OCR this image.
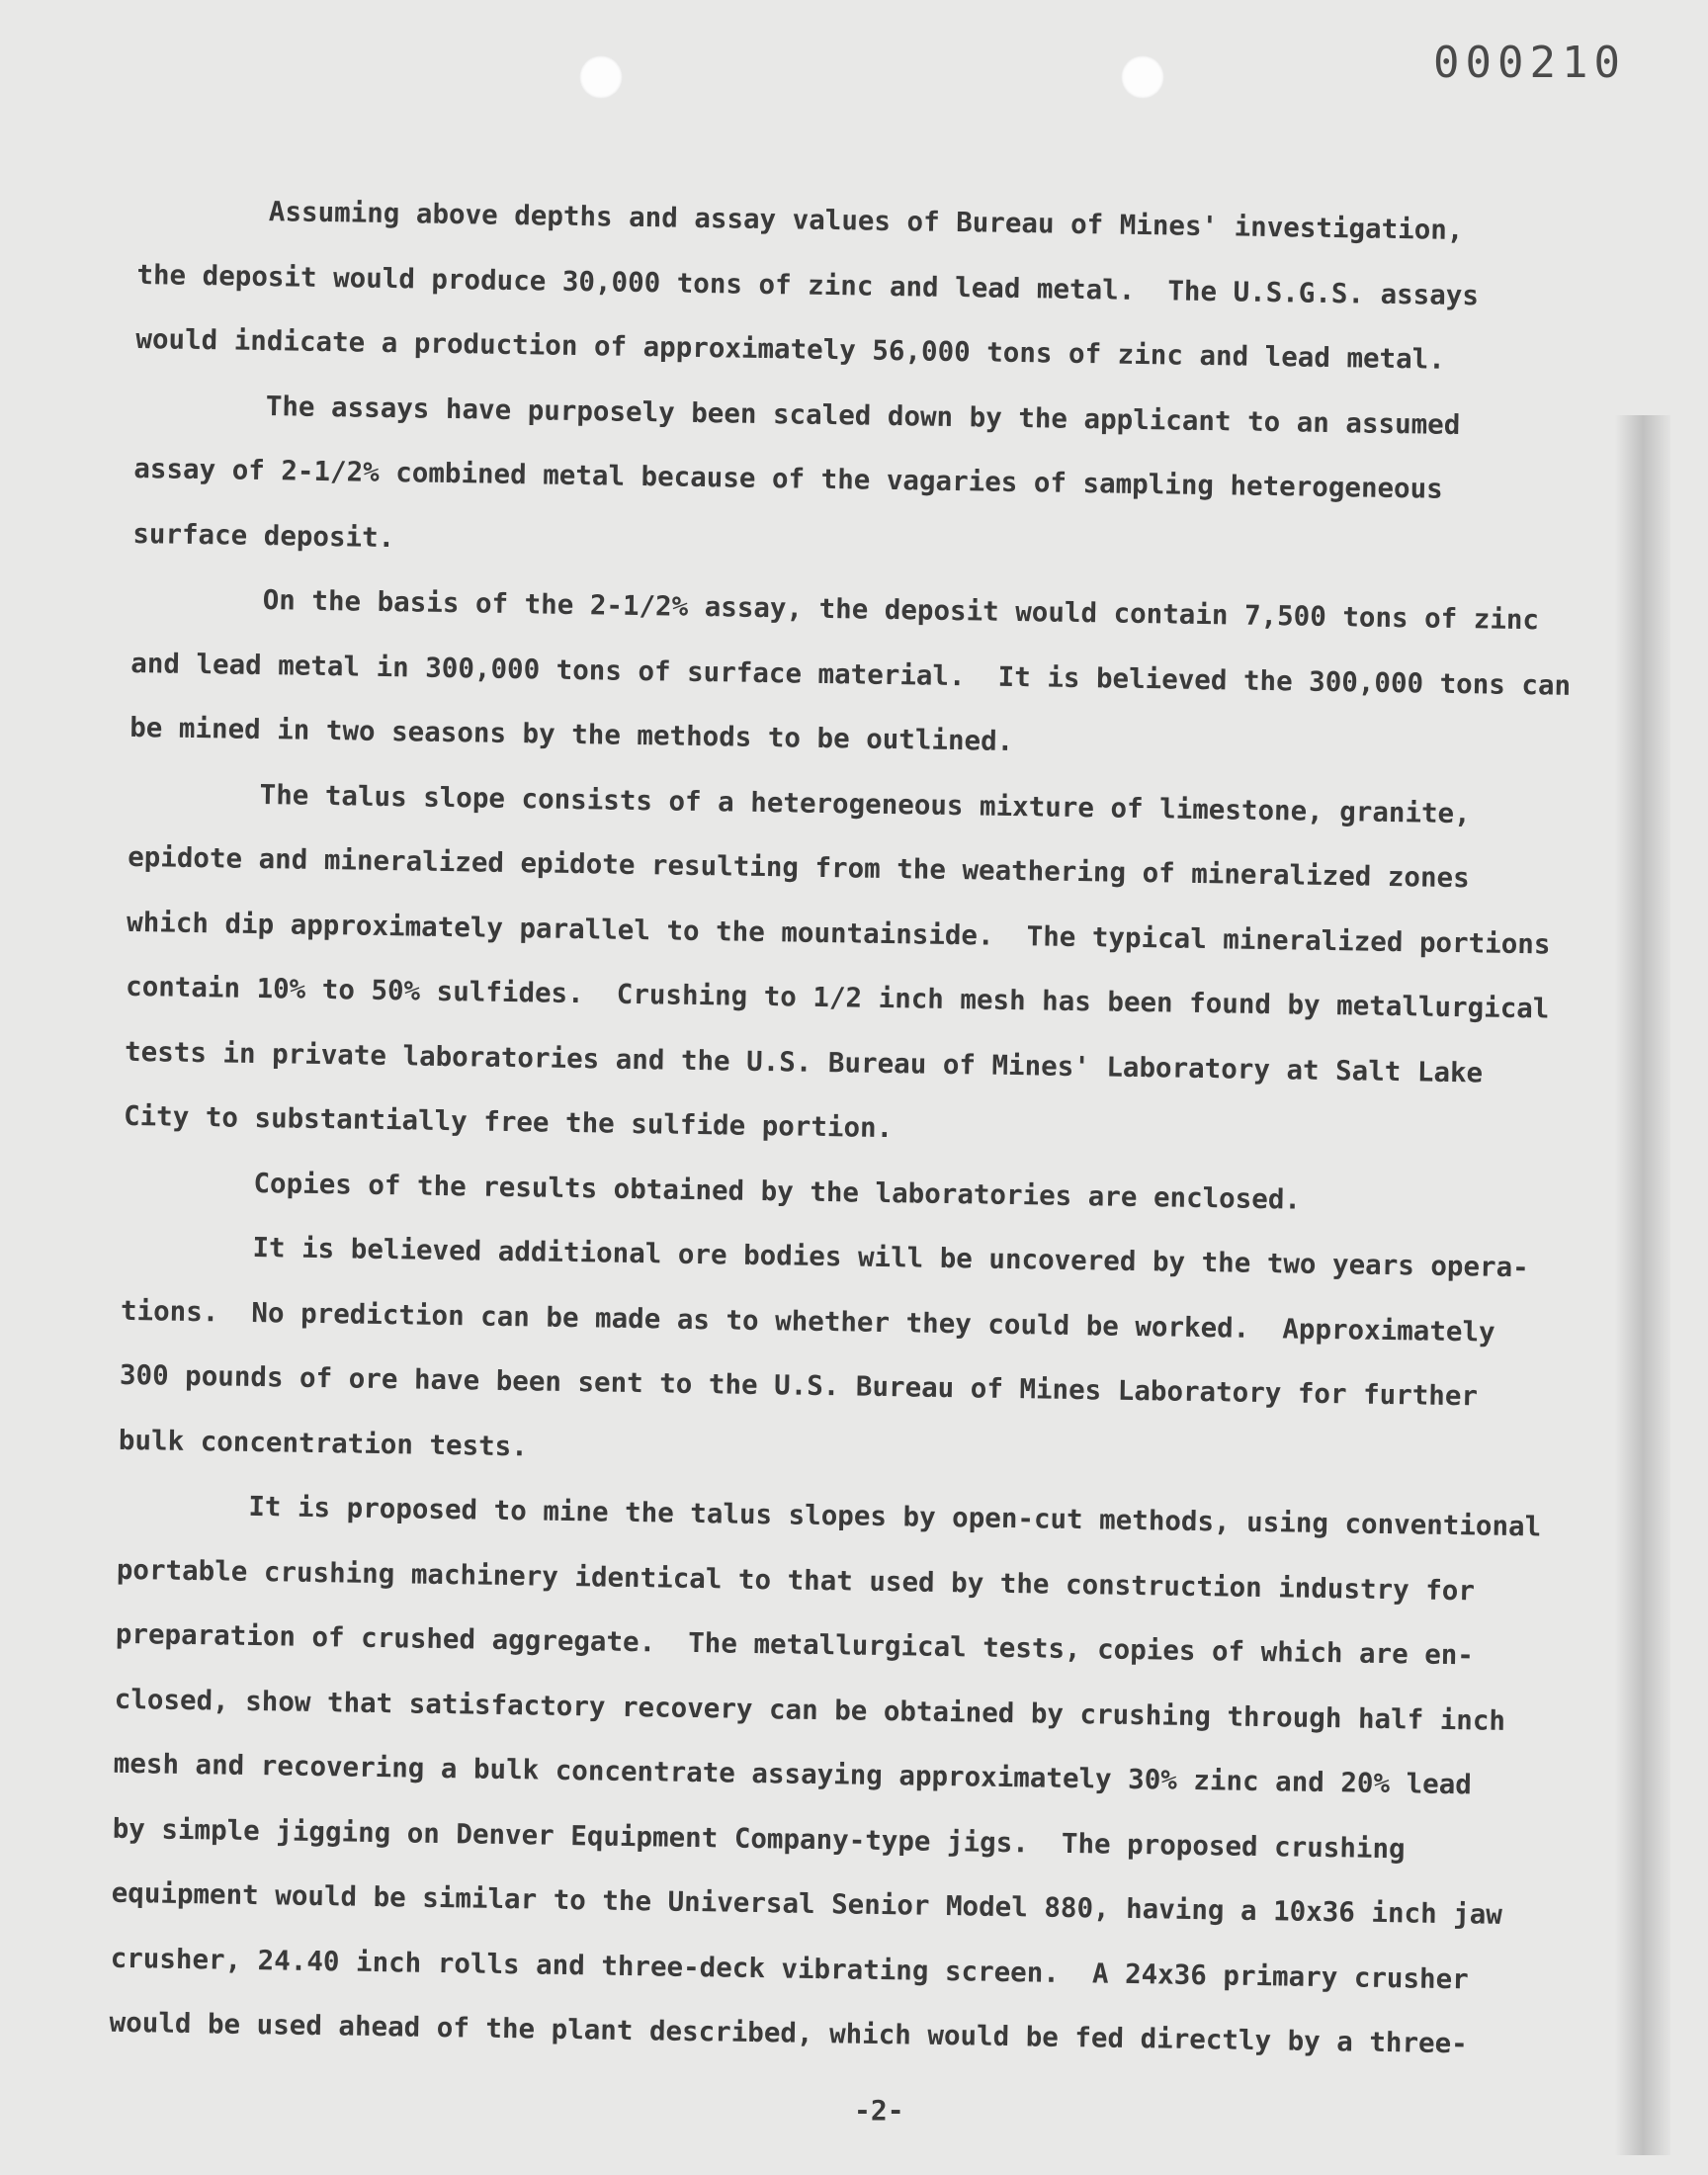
000210
Assuming above depths and assay values of Bureau of Mines' investigation,
the deposit would produce 30,000 tons of zinc and lead metal.  The U.S.G.S. assays
would indicate a production of approximately 56,000 tons of zinc and lead metal.
The assays have purposely been scaled down by the applicant to an assumed
assay of 2-1/2% combined metal because of the vagaries of sampling heterogeneous
surface deposit.
On the basis of the 2-1/2% assay, the deposit would contain 7,500 tons of zinc
and lead metal in 300,000 tons of surface material.  It is believed the 300,000 tons can
be mined in two seasons by the methods to be outlined.
The talus slope consists of a heterogeneous mixture of limestone, granite,
epidote and mineralized epidote resulting from the weathering of mineralized zones
which dip approximately parallel to the mountainside.  The typical mineralized portions
contain 10% to 50% sulfides.  Crushing to 1/2 inch mesh has been found by metallurgical
tests in private laboratories and the U.S. Bureau of Mines' Laboratory at Salt Lake
City to substantially free the sulfide portion.
Copies of the results obtained by the laboratories are enclosed.
It is believed additional ore bodies will be uncovered by the two years opera-
tions.  No prediction can be made as to whether they could be worked.  Approximately
300 pounds of ore have been sent to the U.S. Bureau of Mines Laboratory for further
bulk concentration tests.
It is proposed to mine the talus slopes by open-cut methods, using conventional
portable crushing machinery identical to that used by the construction industry for
preparation of crushed aggregate.  The metallurgical tests, copies of which are en-
closed, show that satisfactory recovery can be obtained by crushing through half inch
mesh and recovering a bulk concentrate assaying approximately 30% zinc and 20% lead
by simple jigging on Denver Equipment Company-type jigs.  The proposed crushing
equipment would be similar to the Universal Senior Model 880, having a 10x36 inch jaw
crusher, 24.40 inch rolls and three-deck vibrating screen.  A 24x36 primary crusher
would be used ahead of the plant described, which would be fed directly by a three-
-2-
